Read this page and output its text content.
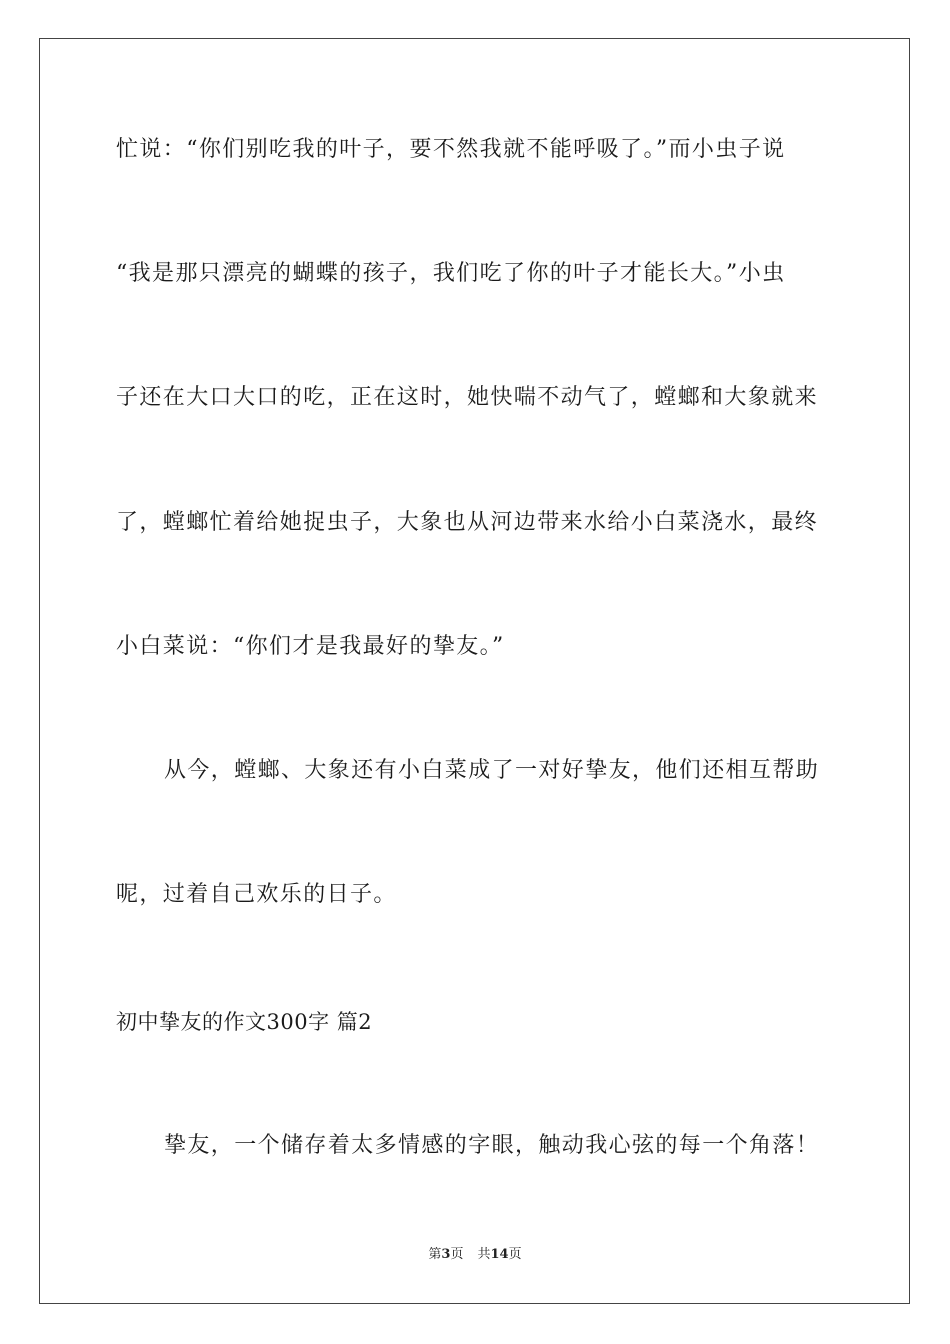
忙说：“你们别吃我的叶子，要不然我就不能呼吸了。”而小虫子说
“我是那只漂亮的蝴蝶的孩子，我们吃了你的叶子才能长大。”小虫
子还在大口大口的吃，正在这时，她快喘不动气了，螳螂和大象就来
了，螳螂忙着给她捉虫子，大象也从河边带来水给小白菜浇水，最终
小白菜说：“你们才是我最好的挚友。”
从今，螳螂、大象还有小白菜成了一对好挚友，他们还相互帮助
呢，过着自己欢乐的日子。
初中挚友的作文300字 篇2
挚友，一个储存着太多情感的字眼，触动我心弦的每一个角落！
第3页 共14页
